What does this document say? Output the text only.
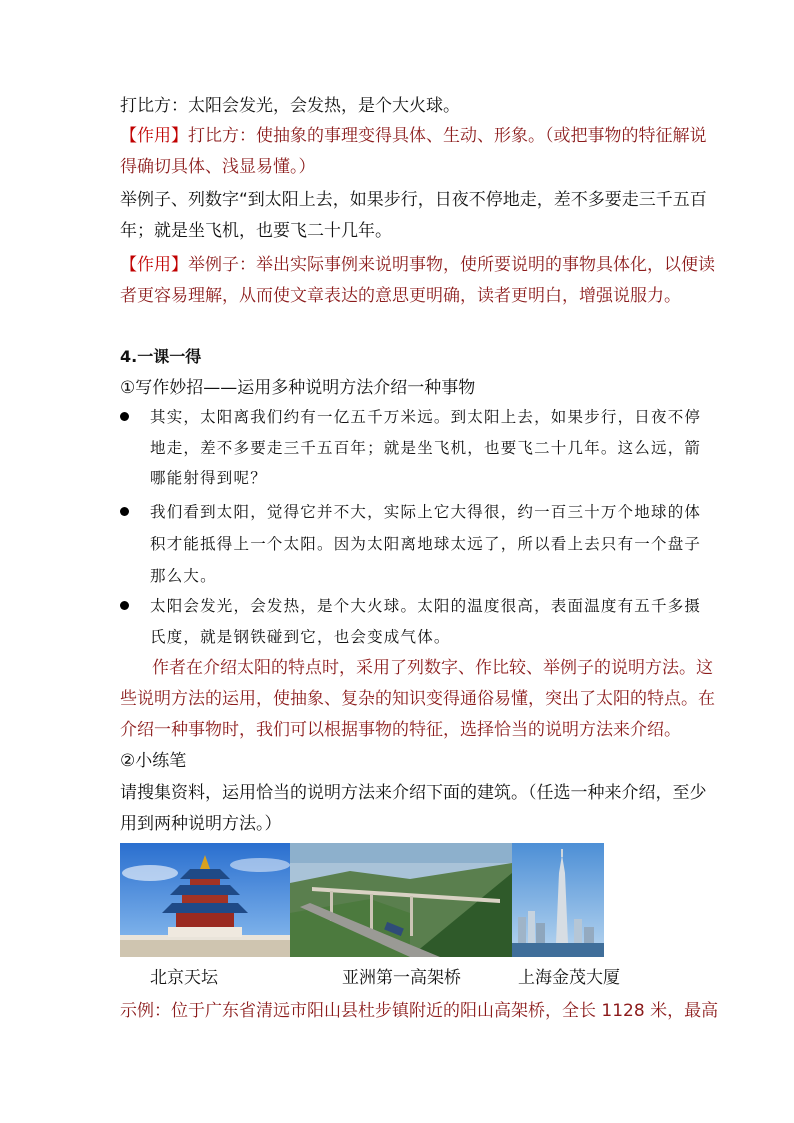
打比方：太阳会发光，会发热，是个大火球。
【作用】打比方：使抽象的事理变得具体、生动、形象。（或把事物的特征解说
得确切具体、浅显易懂。）
举例子、列数字“到太阳上去，如果步行，日夜不停地走，差不多要走三千五百
年；就是坐飞机，也要飞二十几年。
【作用】举例子：举出实际事例来说明事物，使所要说明的事物具体化，以便读
者更容易理解，从而使文章表达的意思更明确，读者更明白，增强说服力。
4.一课一得
①写作妙招——运用多种说明方法介绍一种事物
其实，太阳离我们约有一亿五千万米远。到太阳上去，如果步行，日夜不停
地走，差不多要走三千五百年；就是坐飞机，也要飞二十几年。这么远，箭
哪能射得到呢？
我们看到太阳，觉得它并不大，实际上它大得很，约一百三十万个地球的体
积才能抵得上一个太阳。因为太阳离地球太远了，所以看上去只有一个盘子
那么大。
太阳会发光，会发热，是个大火球。太阳的温度很高，表面温度有五千多摄
氏度，就是钢铁碰到它，也会变成气体。
作者在介绍太阳的特点时，采用了列数字、作比较、举例子的说明方法。这
些说明方法的运用，使抽象、复杂的知识变得通俗易懂，突出了太阳的特点。在
介绍一种事物时，我们可以根据事物的特征，选择恰当的说明方法来介绍。
②小练笔
请搜集资料，运用恰当的说明方法来介绍下面的建筑。（任选一种来介绍，至少
用到两种说明方法。）
北京天坛	亚洲第一高架桥	上海金茂大厦
示例：位于广东省清远市阳山县杜步镇附近的阳山高架桥，全长 1128 米，最高
